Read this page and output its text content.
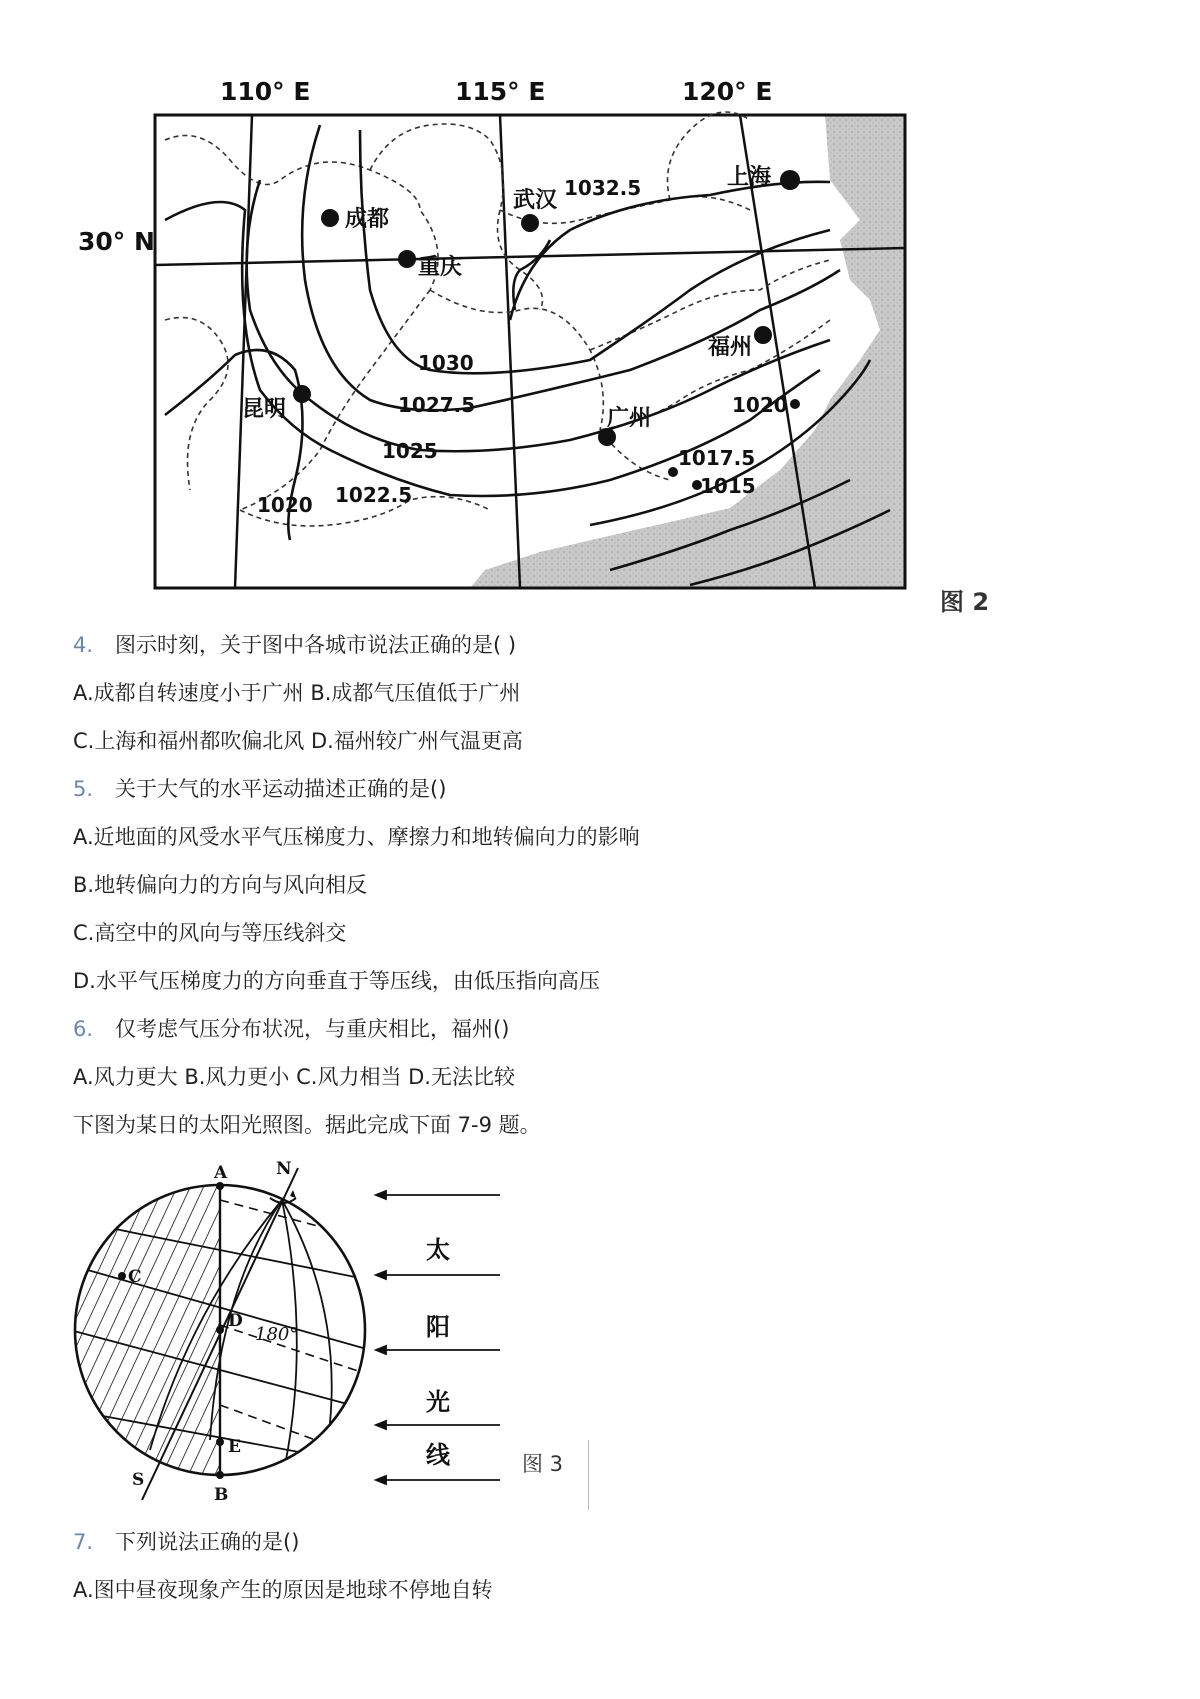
110° E	115° E	120° E
30° N
成都
重庆
武汉
上海
福州
昆明	广州
1032.5
1030
1027.5
1025
1022.5
1020
1020
1017.5
1015
图 2
4. 图示时刻，关于图中各城市说法正确的是( )
A.成都自转速度小于广州 B.成都气压值低于广州
C.上海和福州都吹偏北风 D.福州较广州气温更高
5. 关于大气的水平运动描述正确的是()
A.近地面的风受水平气压梯度力、摩擦力和地转偏向力的影响
B.地转偏向力的方向与风向相反
C.高空中的风向与等压线斜交
D.水平气压梯度力的方向垂直于等压线，由低压指向高压
6. 仅考虑气压分布状况，与重庆相比，福州()
A.风力更大 B.风力更小 C.风力相当 D.无法比较
下图为某日的太阳光照图。据此完成下面 7-9 题。
A
B
C
D
E
N
S
180°
太
阳
光
线	图 3
7. 下列说法正确的是()
A.图中昼夜现象产生的原因是地球不停地自转
